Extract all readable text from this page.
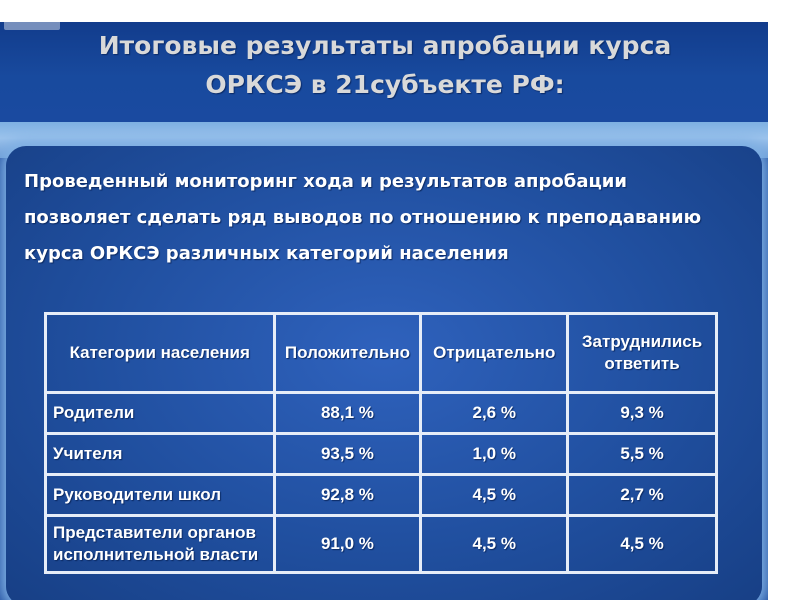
Итоговые результаты апробации курса
ОРКСЭ в 21субъекте РФ:
Проведенный мониторинг хода и результатов апробации
позволяет сделать ряд выводов по отношению к преподаванию
курса ОРКСЭ различных категорий населения
Категории населения	Положительно	Отрицательно	Затруднились ответить
Родители	88,1 %	2,6 %	9,3 %
Учителя	93,5 %	1,0 %	5,5 %
Руководители школ	92,8 %	4,5 %	2,7 %
Представители органов исполнительной власти	91,0 %	4,5 %	4,5 %
